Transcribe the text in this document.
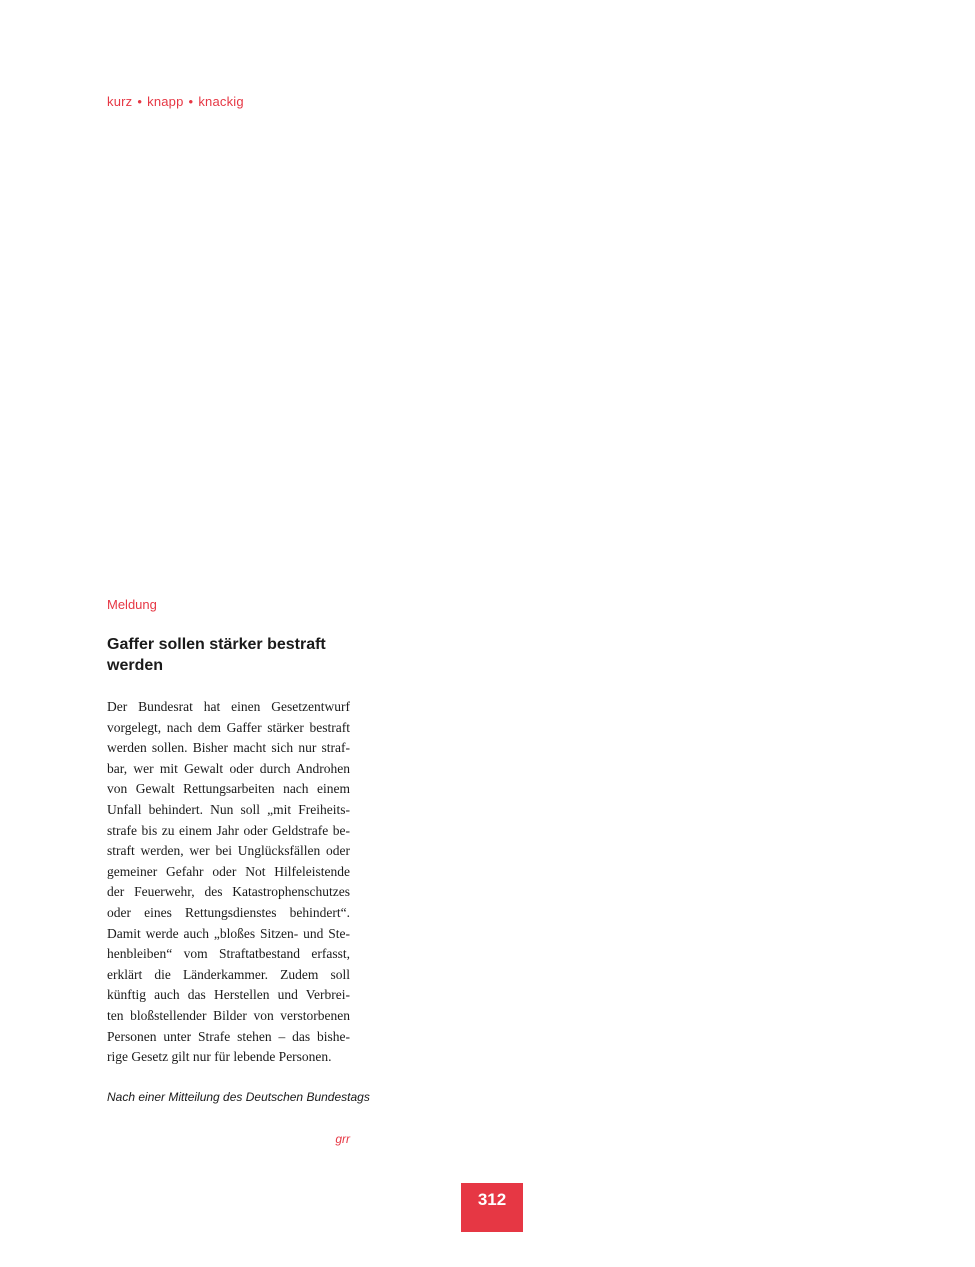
kurz • knapp • knackig
Meldung
Gaffer sollen stärker bestraft werden
Der Bundesrat hat einen Gesetzentwurf
vorgelegt, nach dem Gaffer stärker bestraft
werden sollen. Bisher macht sich nur straf-
bar, wer mit Gewalt oder durch Androhen
von Gewalt Rettungsarbeiten nach einem
Unfall behindert. Nun soll „mit Freiheits-
strafe bis zu einem Jahr oder Geldstrafe be-
straft werden, wer bei Unglücksfällen oder
gemeiner Gefahr oder Not Hilfeleistende
der Feuerwehr, des Katastrophenschutzes
oder eines Rettungsdienstes behindert“.
Damit werde auch „bloßes Sitzen- und Ste-
henbleiben“ vom Straftatbestand erfasst,
erklärt die Länderkammer. Zudem soll
künftig auch das Herstellen und Verbrei-
ten bloßstellender Bilder von verstorbenen
Personen unter Strafe stehen – das bishe-
rige Gesetz gilt nur für lebende Personen.
Nach einer Mitteilung des Deutschen Bundestags
grr
312
